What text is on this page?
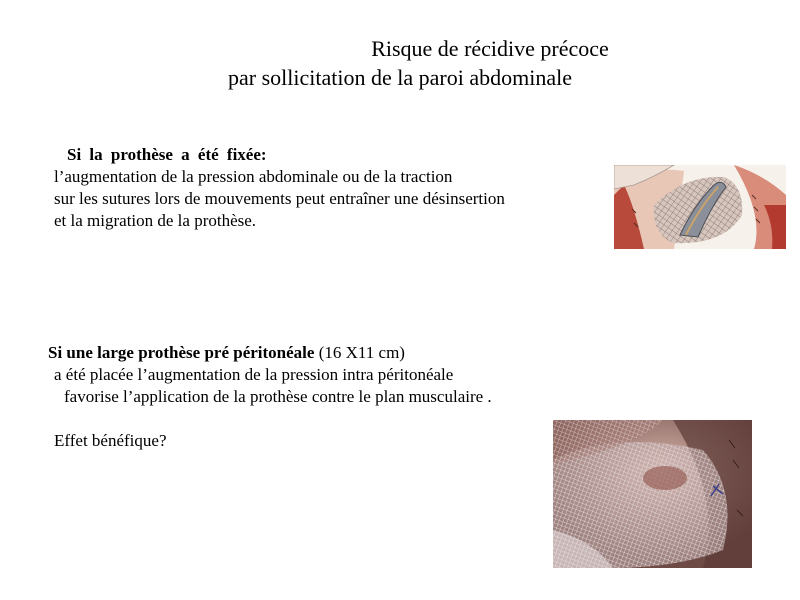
Risque de récidive précoce
par sollicitation de la paroi abdominale
Si la prothèse a été fixée:
l’augmentation de la pression abdominale ou de la traction
sur les sutures lors de mouvements peut entraîner une désinsertion
et la migration de la prothèse.
Si une large prothèse pré péritonéale (16 X11 cm)
a été placée l’augmentation de la pression intra péritonéale
favorise l’application de la prothèse contre le plan musculaire .
Effet bénéfique?
